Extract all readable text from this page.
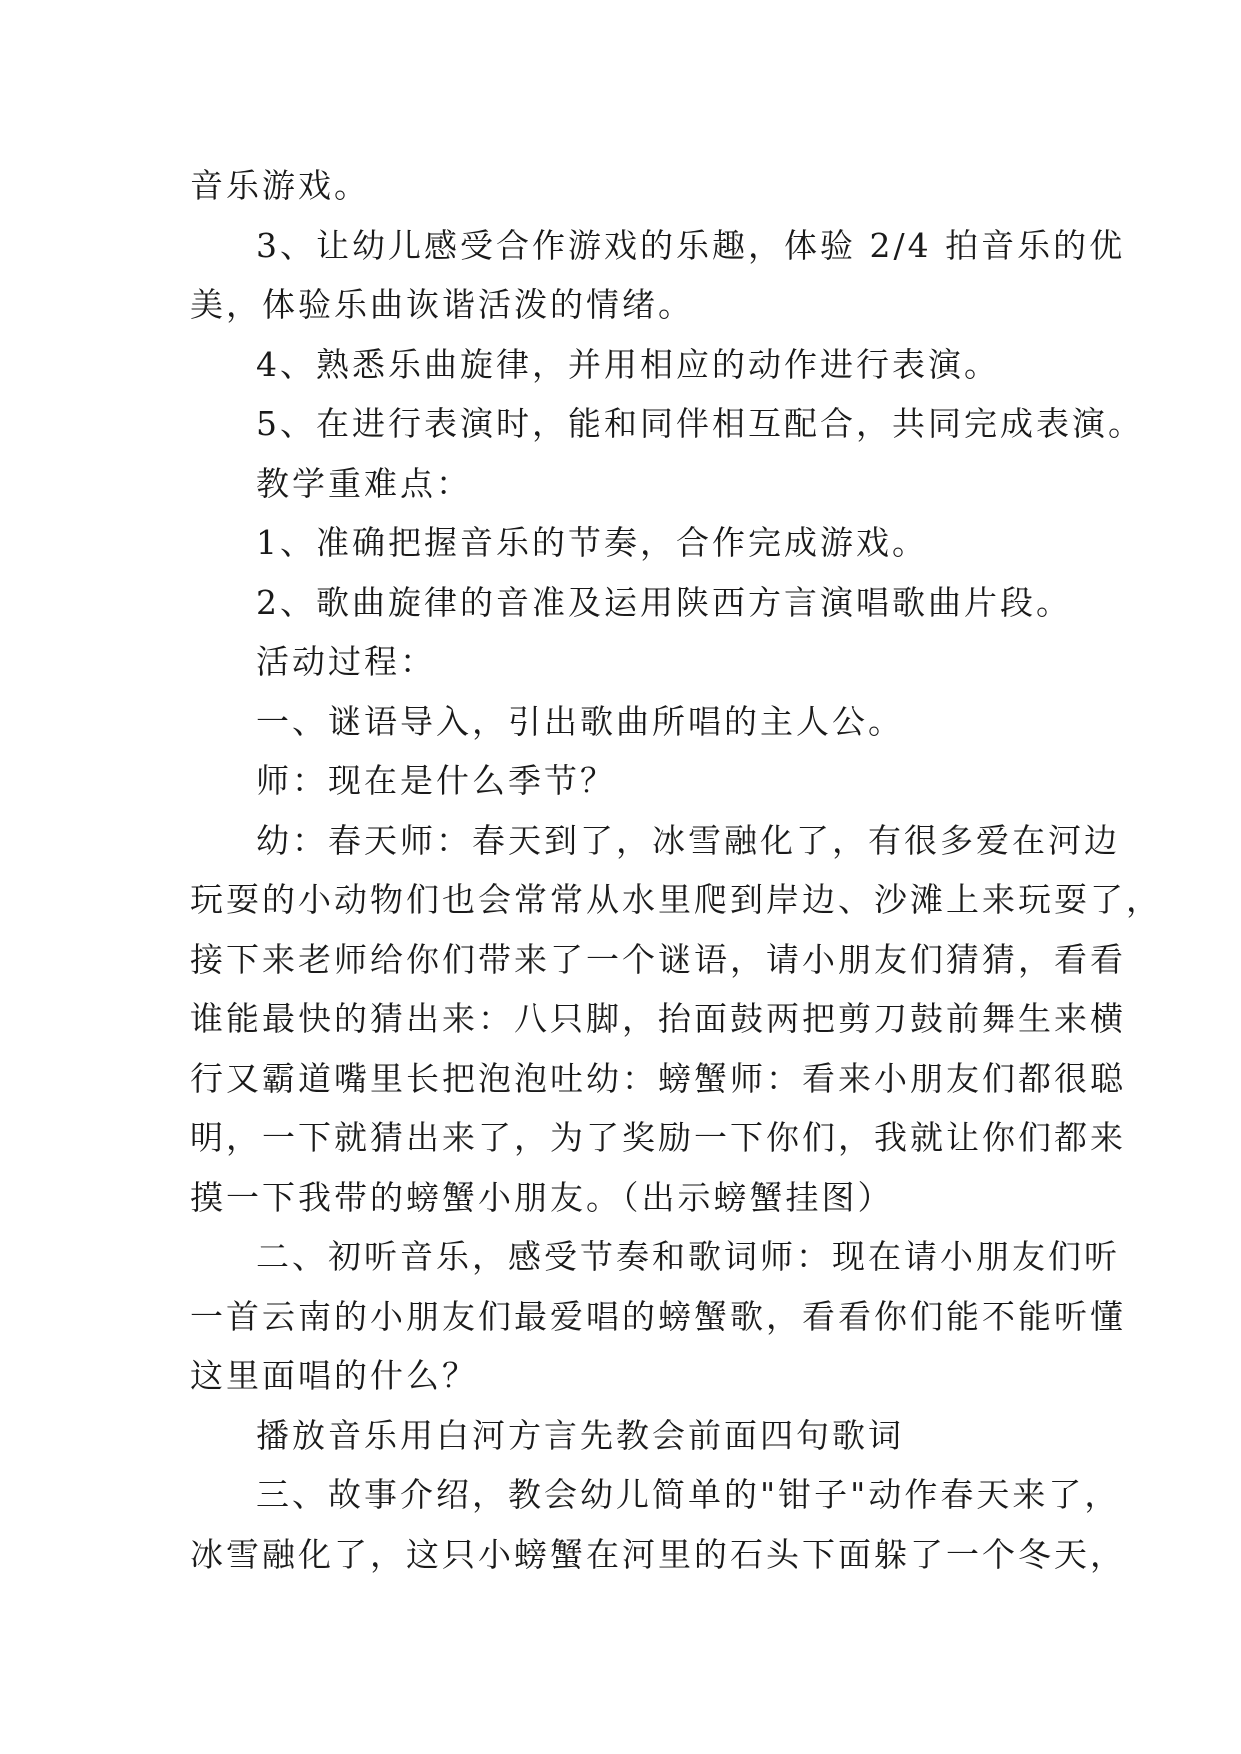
音乐游戏。

3、让幼儿感受合作游戏的乐趣，体验 2/4 拍音乐的优

美，体验乐曲诙谐活泼的情绪。

4、熟悉乐曲旋律，并用相应的动作进行表演。

5、在进行表演时，能和同伴相互配合，共同完成表演。

教学重难点：

1、准确把握音乐的节奏，合作完成游戏。

2、歌曲旋律的音准及运用陕西方言演唱歌曲片段。

活动过程：

一、谜语导入，引出歌曲所唱的主人公。

师：现在是什么季节？

幼：春天师：春天到了，冰雪融化了，有很多爱在河边

玩耍的小动物们也会常常从水里爬到岸边、沙滩上来玩耍了，

接下来老师给你们带来了一个谜语，请小朋友们猜猜，看看

谁能最快的猜出来：八只脚，抬面鼓两把剪刀鼓前舞生来横

行又霸道嘴里长把泡泡吐幼：螃蟹师：看来小朋友们都很聪

明，一下就猜出来了，为了奖励一下你们，我就让你们都来

摸一下我带的螃蟹小朋友。（出示螃蟹挂图）

二、初听音乐，感受节奏和歌词师：现在请小朋友们听

一首云南的小朋友们最爱唱的螃蟹歌，看看你们能不能听懂

这里面唱的什么？

播放音乐用白河方言先教会前面四句歌词

三、故事介绍，教会幼儿简单的"钳子"动作春天来了，

冰雪融化了，这只小螃蟹在河里的石头下面躲了一个冬天，
